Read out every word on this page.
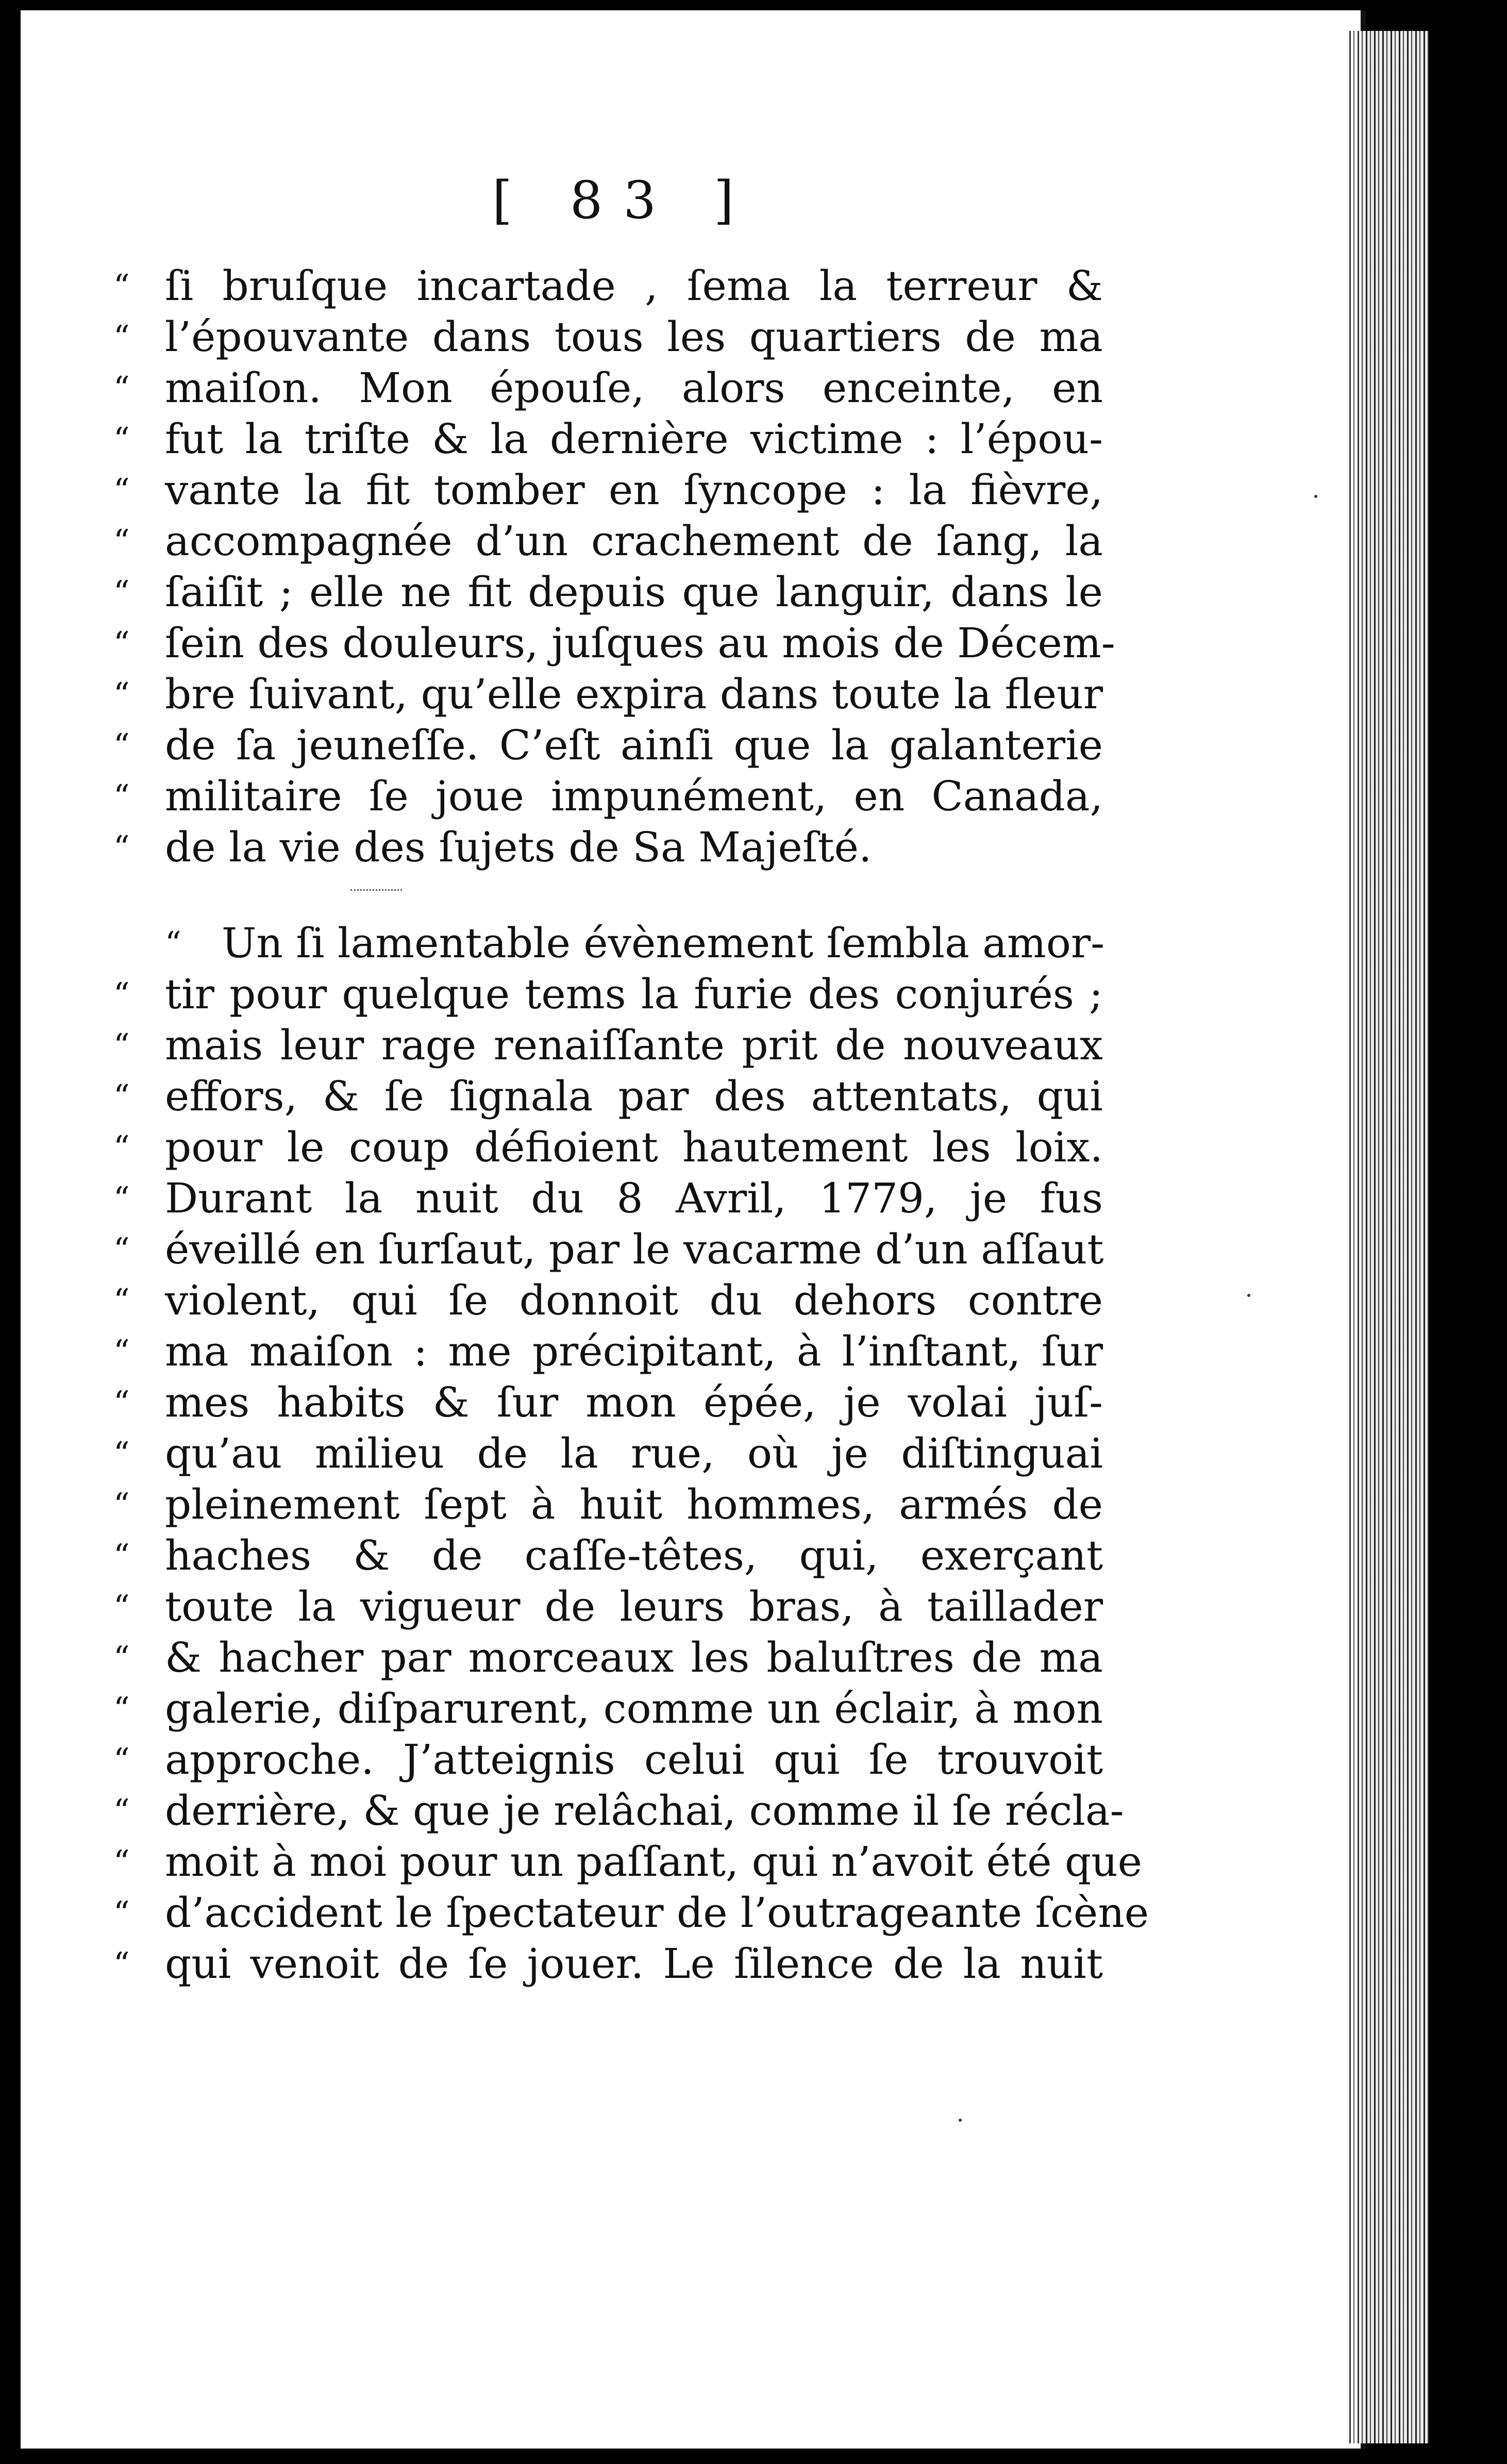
[ 83 ]
“ ſi bruſque incartade , ſema la terreur &
“ l’épouvante dans tous les quartiers de ma
“ maiſon. Mon épouſe, alors enceinte, en
“ fut la triſte & la dernière victime : l’épou-
“ vante la fit tomber en ſyncope : la fièvre,
“ accompagnée d’un crachement de ſang, la
“ ſaiſit ; elle ne fit depuis que languir, dans le
“ ſein des douleurs, juſques au mois de Décem-
“ bre ſuivant, qu’elle expira dans toute la fleur
“ de ſa jeuneſſe. C’eſt ainſi que la galanterie
“ militaire ſe joue impunément, en Canada,
“ de la vie des ſujets de Sa Majeſté.
“ Un ſi lamentable évènement ſembla amor-
“ tir pour quelque tems la furie des conjurés ;
“ mais leur rage renaiſſante prit de nouveaux
“ effors, & ſe ſignala par des attentats, qui
“ pour le coup défioient hautement les loix.
“ Durant la nuit du 8 Avril, 1779, je fus
“ éveillé en ſurſaut, par le vacarme d’un aſſaut
“ violent, qui ſe donnoit du dehors contre
“ ma maiſon : me précipitant, à l’inſtant, ſur
“ mes habits & ſur mon épée, je volai juſ-
“ qu’au milieu de la rue, où je diſtinguai
“ pleinement ſept à huit hommes, armés de
“ haches & de caſſe-têtes, qui, exerçant
“ toute la vigueur de leurs bras, à taillader
“ & hacher par morceaux les baluſtres de ma
“ galerie, diſparurent, comme un éclair, à mon
“ approche. J’atteignis celui qui ſe trouvoit
“ derrière, & que je relâchai, comme il ſe récla-
“ moit à moi pour un paſſant, qui n’avoit été que
“ d’accident le ſpectateur de l’outrageante ſcène
“ qui venoit de ſe jouer. Le ſilence de la nuit
